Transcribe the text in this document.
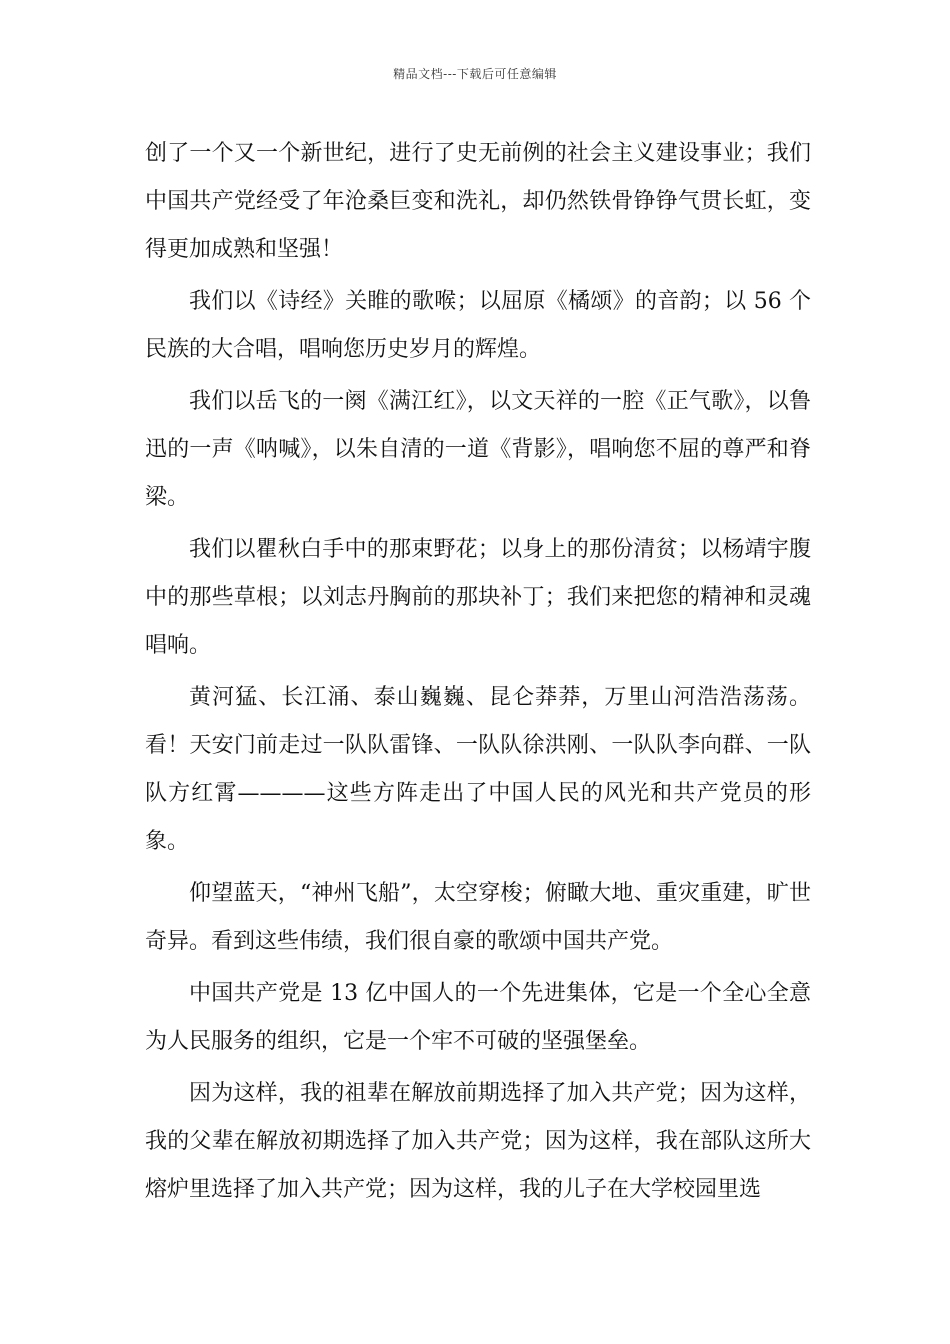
精品文档---下载后可任意编辑

创了一个又一个新世纪，进行了史无前例的社会主义建设事业；我们中国共产党经受了年沧桑巨变和洗礼，却仍然铁骨铮铮气贯长虹，变得更加成熟和坚强！

我们以《诗经》关睢的歌喉；以屈原《橘颂》的音韵；以 56 个民族的大合唱，唱响您历史岁月的辉煌。

我们以岳飞的一阕《满江红》，以文天祥的一腔《正气歌》，以鲁迅的一声《呐喊》，以朱自清的一道《背影》，唱响您不屈的尊严和脊梁。

我们以瞿秋白手中的那束野花；以身上的那份清贫；以杨靖宇腹中的那些草根；以刘志丹胸前的那块补丁；我们来把您的精神和灵魂唱响。

黄河猛、长江涌、泰山巍巍、昆仑莽莽，万里山河浩浩荡荡。看！天安门前走过一队队雷锋、一队队徐洪刚、一队队李向群、一队队方红霄————这些方阵走出了中国人民的风光和共产党员的形象。

仰望蓝天，“神州飞船”，太空穿梭；俯瞰大地、重灾重建，旷世奇异。看到这些伟绩，我们很自豪的歌颂中国共产党。

中国共产党是 13 亿中国人的一个先进集体，它是一个全心全意为人民服务的组织，它是一个牢不可破的坚强堡垒。

因为这样，我的祖辈在解放前期选择了加入共产党；因为这样，我的父辈在解放初期选择了加入共产党；因为这样，我在部队这所大熔炉里选择了加入共产党；因为这样，我的儿子在大学校园里选
